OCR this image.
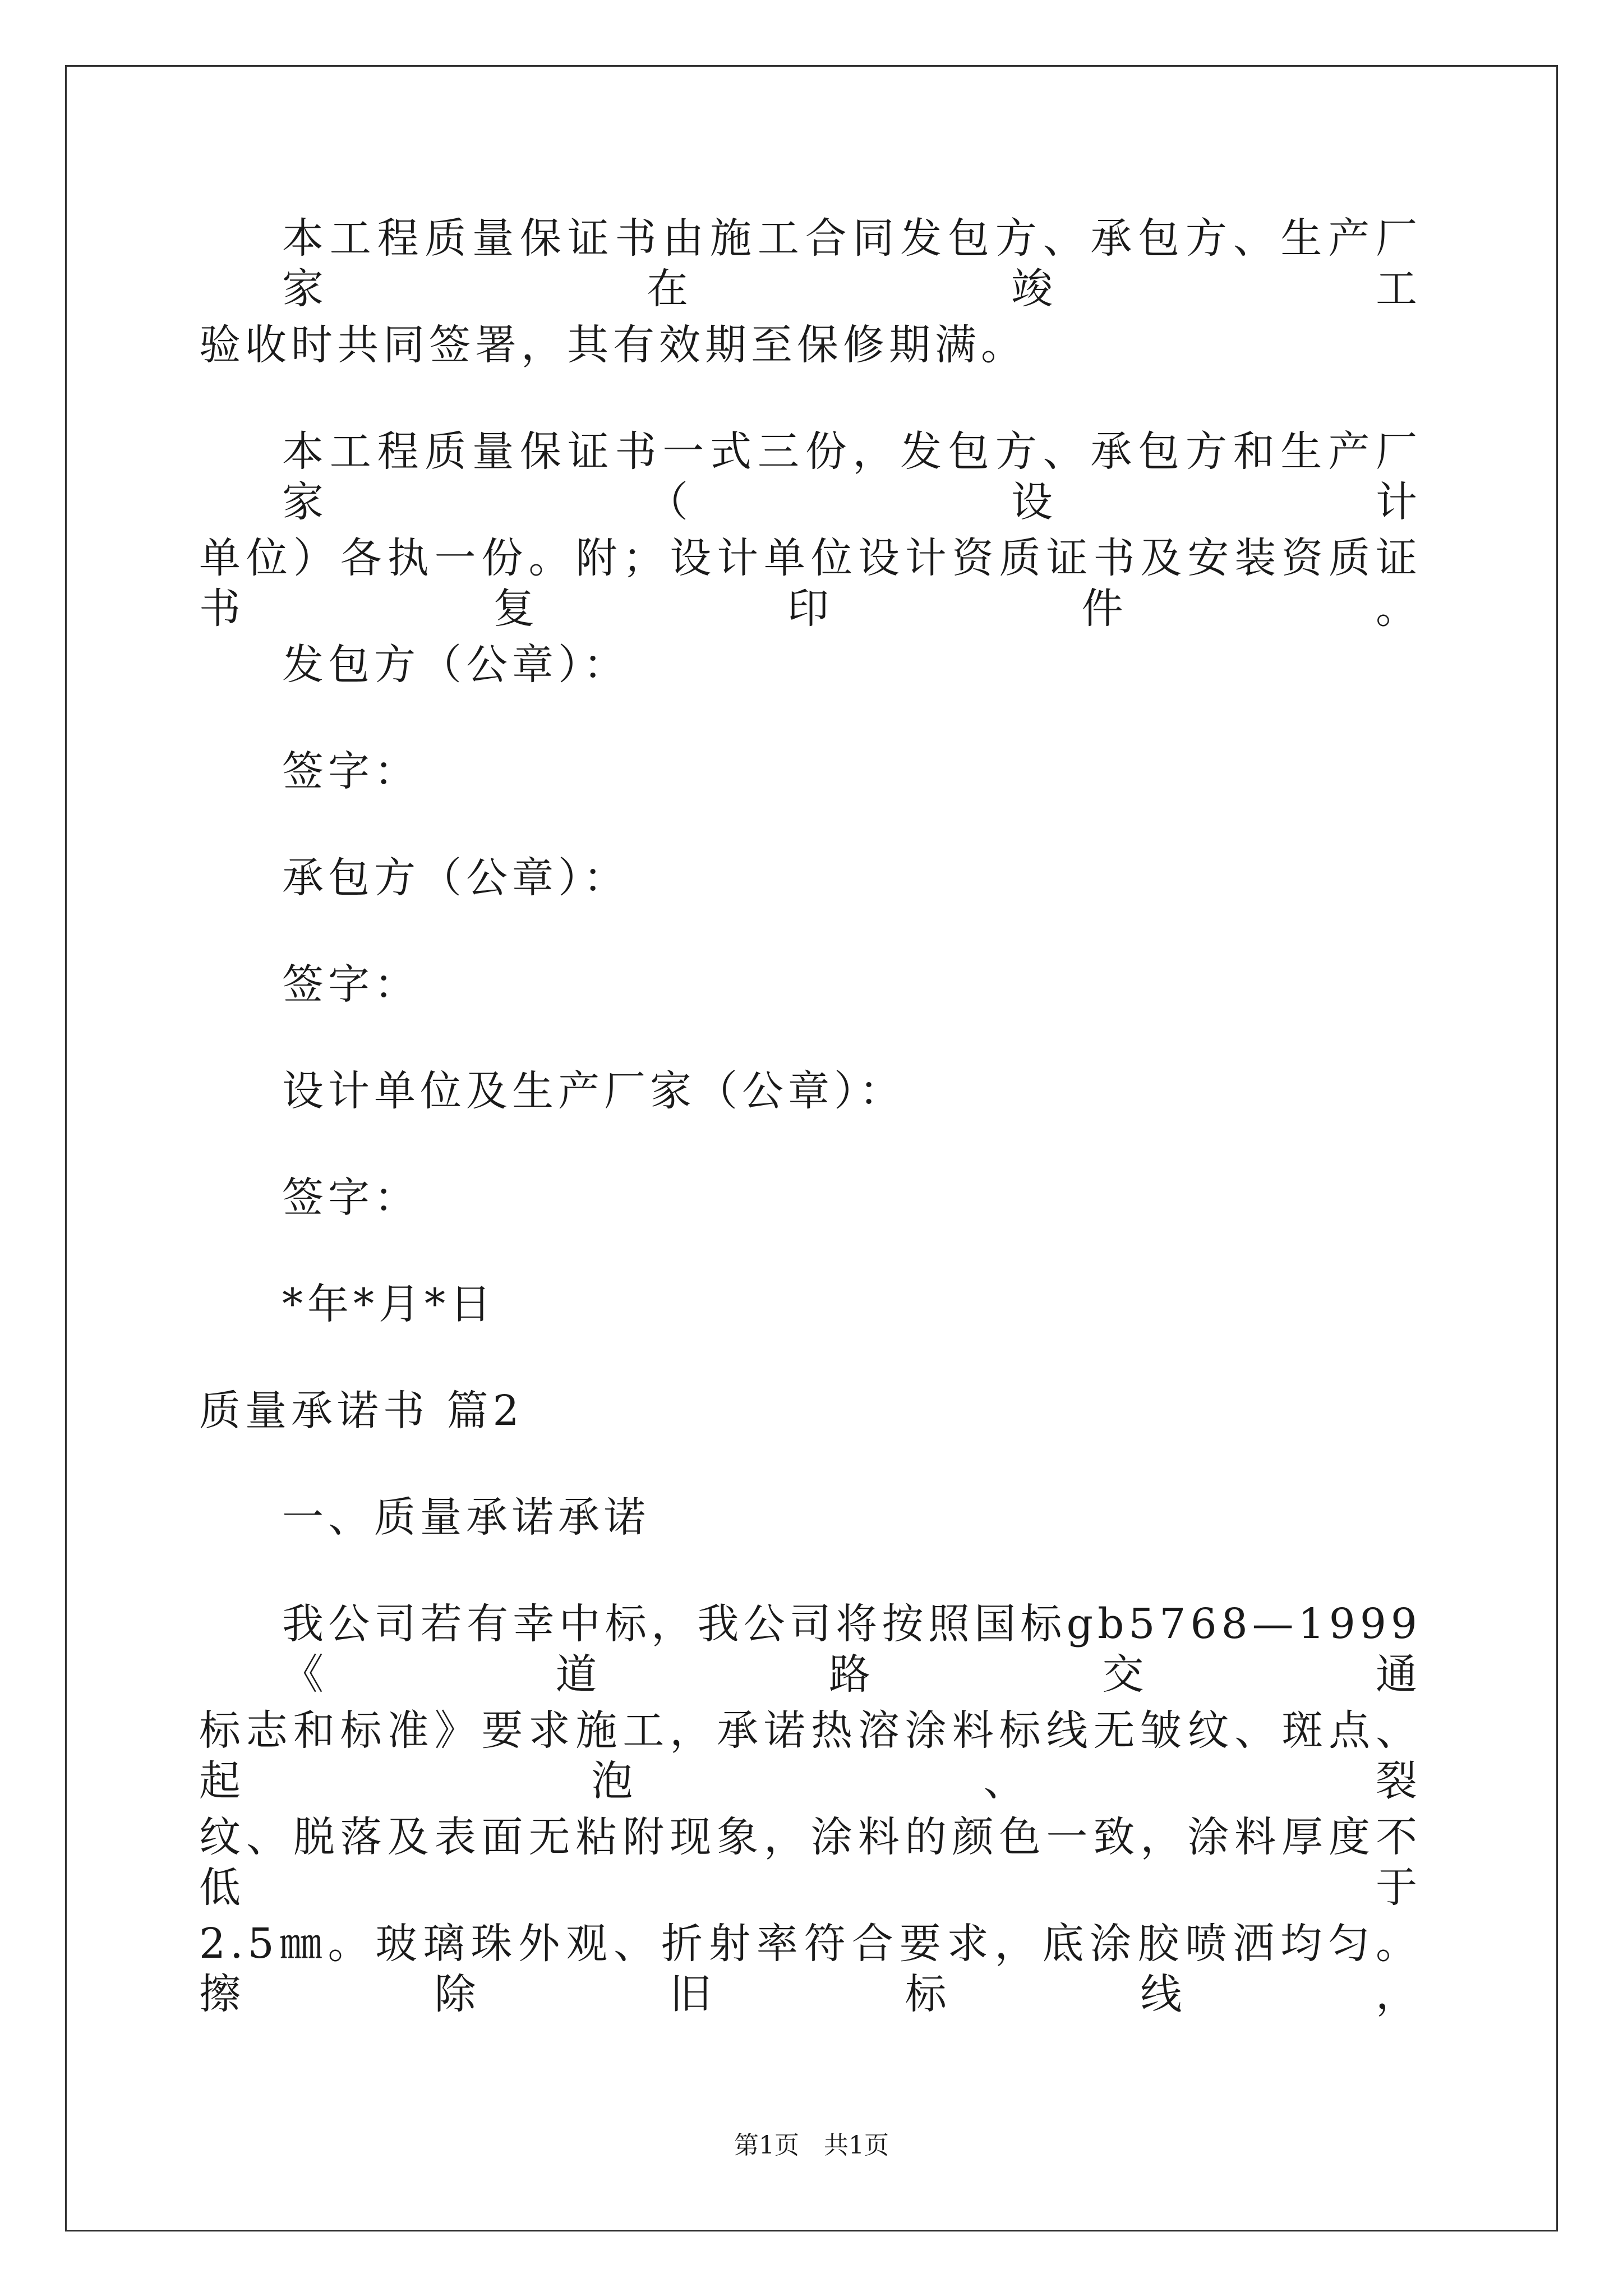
本工程质量保证书由施工合同发包方、承包方、生产厂家在竣工
验收时共同签署，其有效期至保修期满。
本工程质量保证书一式三份，发包方、承包方和生产厂家（设计
单位）各执一份。附；设计单位设计资质证书及安装资质证书复印件。
发包方（公章）：
签字：
承包方（公章）：
签字：
设计单位及生产厂家（公章）：
签字：
*年*月*日
质量承诺书 篇2
一、质量承诺承诺
我公司若有幸中标，我公司将按照国标gb5768—1999《道路交通
标志和标准》要求施工，承诺热溶涂料标线无皱纹、斑点、起泡、裂
纹、脱落及表面无粘附现象，涂料的颜色一致，涂料厚度不低于
2.5㎜。玻璃珠外观、折射率符合要求，底涂胶喷洒均匀。擦除旧标线，
第1页　共1页
